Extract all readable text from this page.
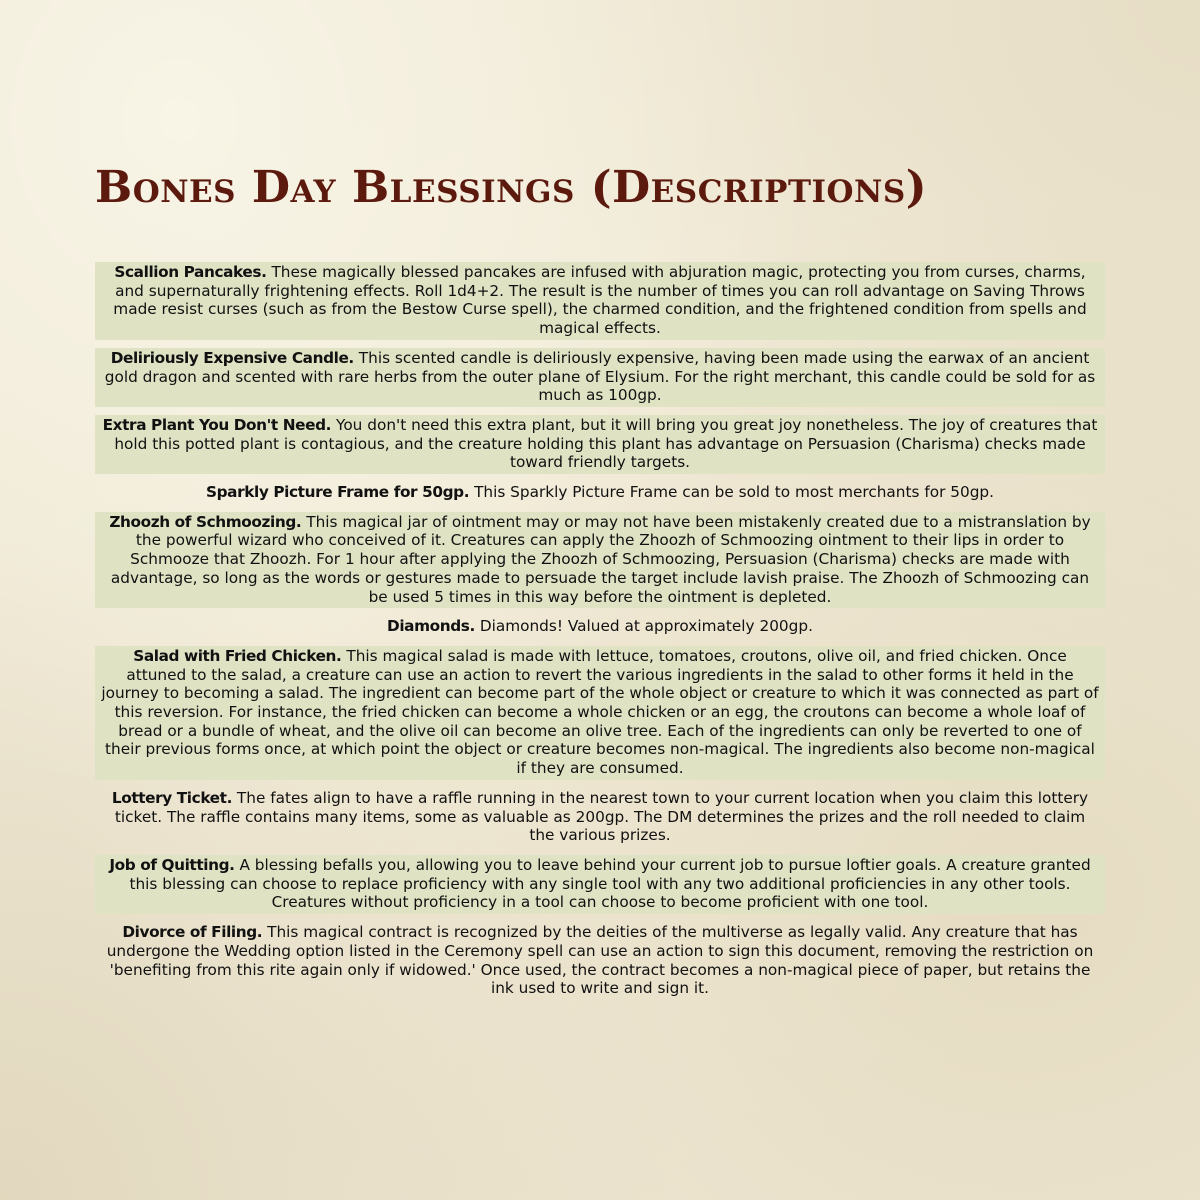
Bones Day Blessings (Descriptions)
Scallion Pancakes. These magically blessed pancakes are infused with abjuration magic, protecting you from curses, charms, and supernaturally frightening effects. Roll 1d4+2. The result is the number of times you can roll advantage on Saving Throws made resist curses (such as from the Bestow Curse spell), the charmed condition, and the frightened condition from spells and magical effects.
Deliriously Expensive Candle. This scented candle is deliriously expensive, having been made using the earwax of an ancient gold dragon and scented with rare herbs from the outer plane of Elysium. For the right merchant, this candle could be sold for as much as 100gp.
Extra Plant You Don't Need. You don't need this extra plant, but it will bring you great joy nonetheless. The joy of creatures that hold this potted plant is contagious, and the creature holding this plant has advantage on Persuasion (Charisma) checks made toward friendly targets.
Sparkly Picture Frame for 50gp. This Sparkly Picture Frame can be sold to most merchants for 50gp.
Zhoozh of Schmoozing. This magical jar of ointment may or may not have been mistakenly created due to a mistranslation by the powerful wizard who conceived of it. Creatures can apply the Zhoozh of Schmoozing ointment to their lips in order to Schmooze that Zhoozh. For 1 hour after applying the Zhoozh of Schmoozing, Persuasion (Charisma) checks are made with advantage, so long as the words or gestures made to persuade the target include lavish praise. The Zhoozh of Schmoozing can be used 5 times in this way before the ointment is depleted.
Diamonds. Diamonds! Valued at approximately 200gp.
Salad with Fried Chicken. This magical salad is made with lettuce, tomatoes, croutons, olive oil, and fried chicken. Once attuned to the salad, a creature can use an action to revert the various ingredients in the salad to other forms it held in the journey to becoming a salad. The ingredient can become part of the whole object or creature to which it was connected as part of this reversion. For instance, the fried chicken can become a whole chicken or an egg, the croutons can become a whole loaf of bread or a bundle of wheat, and the olive oil can become an olive tree. Each of the ingredients can only be reverted to one of their previous forms once, at which point the object or creature becomes non-magical. The ingredients also become non-magical if they are consumed.
Lottery Ticket. The fates align to have a raffle running in the nearest town to your current location when you claim this lottery ticket. The raffle contains many items, some as valuable as 200gp. The DM determines the prizes and the roll needed to claim the various prizes.
Job of Quitting. A blessing befalls you, allowing you to leave behind your current job to pursue loftier goals. A creature granted this blessing can choose to replace proficiency with any single tool with any two additional proficiencies in any other tools. Creatures without proficiency in a tool can choose to become proficient with one tool.
Divorce of Filing. This magical contract is recognized by the deities of the multiverse as legally valid. Any creature that has undergone the Wedding option listed in the Ceremony spell can use an action to sign this document, removing the restriction on 'benefiting from this rite again only if widowed.' Once used, the contract becomes a non-magical piece of paper, but retains the ink used to write and sign it.
